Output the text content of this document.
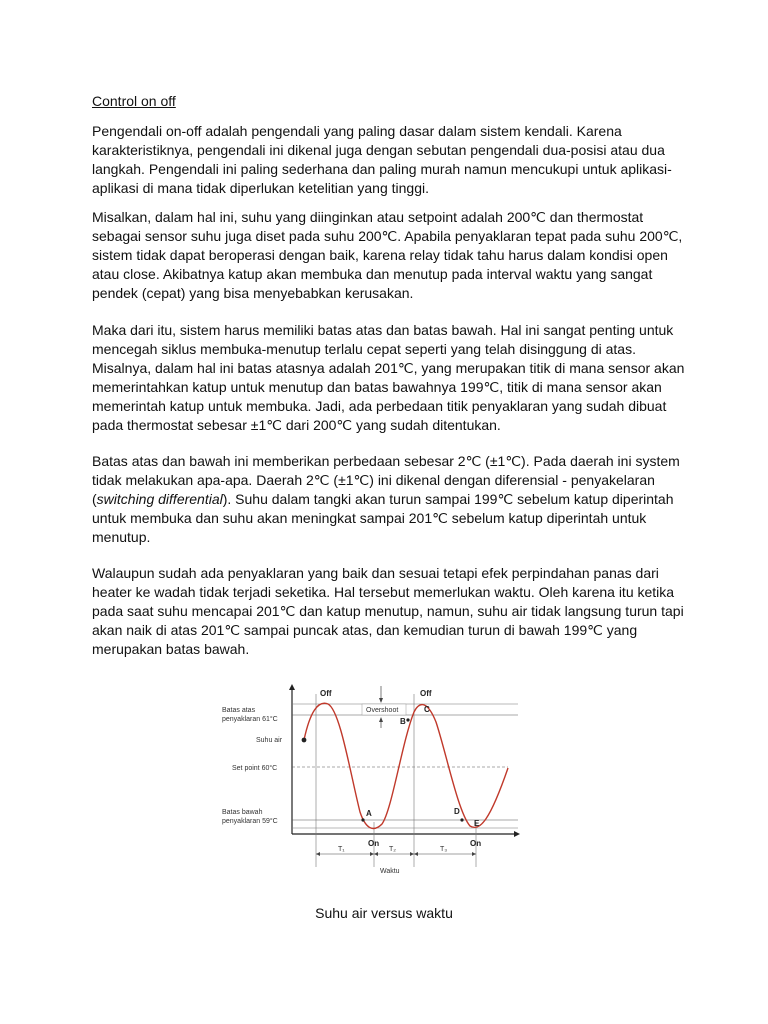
Control on off

Pengendali on-off adalah pengendali yang paling dasar dalam sistem kendali. Karena karakteristiknya, pengendali ini dikenal juga dengan sebutan pengendali dua-posisi atau dua langkah. Pengendali ini paling sederhana dan paling murah namun mencukupi untuk aplikasi-aplikasi di mana tidak diperlukan ketelitian yang tinggi.

Misalkan, dalam hal ini, suhu yang diinginkan atau setpoint adalah 200℃ dan thermostat sebagai sensor suhu juga diset pada suhu 200℃. Apabila penyaklaran tepat pada suhu 200℃, sistem tidak dapat beroperasi dengan baik, karena relay tidak tahu harus dalam kondisi open atau close. Akibatnya katup akan membuka dan menutup pada interval waktu yang sangat pendek (cepat) yang bisa menyebabkan kerusakan.

Maka dari itu, sistem harus memiliki batas atas dan batas bawah. Hal ini sangat penting untuk mencegah siklus membuka-menutup terlalu cepat seperti yang telah disinggung di atas. Misalnya, dalam hal ini batas atasnya adalah 201℃, yang merupakan titik di mana sensor akan memerintahkan katup untuk menutup dan batas bawahnya 199℃, titik di mana sensor akan memerintah katup untuk membuka. Jadi, ada perbedaan titik penyaklaran yang sudah dibuat pada thermostat sebesar ±1℃ dari 200℃ yang sudah ditentukan.

Batas atas dan bawah ini memberikan perbedaan sebesar 2℃ (±1℃). Pada daerah ini system tidak melakukan apa-apa. Daerah 2℃ (±1℃) ini dikenal dengan diferensial - penyakelaran (switching differential). Suhu dalam tangki akan turun sampai 199℃ sebelum katup diperintah untuk membuka dan suhu akan meningkat sampai 201℃ sebelum katup diperintah untuk menutup.

Walaupun sudah ada penyaklaran yang baik dan sesuai tetapi efek perpindahan panas dari heater ke wadah tidak terjadi seketika. Hal tersebut memerlukan waktu. Oleh karena itu ketika pada saat suhu mencapai 201℃ dan katup menutup, namun, suhu air tidak langsung turun tapi akan naik di atas 201℃ sampai puncak atas, dan kemudian turun di bawah 199℃ yang merupakan batas bawah.

Batas atas
penyaklaran 61°C
Suhu air
Set point 60°C
Batas bawah
penyaklaran 59°C
Off	Off
On	On
Overshoot
A
B
C
D
E
T₁	T₂	T₃
Waktu
Suhu air versus waktu
